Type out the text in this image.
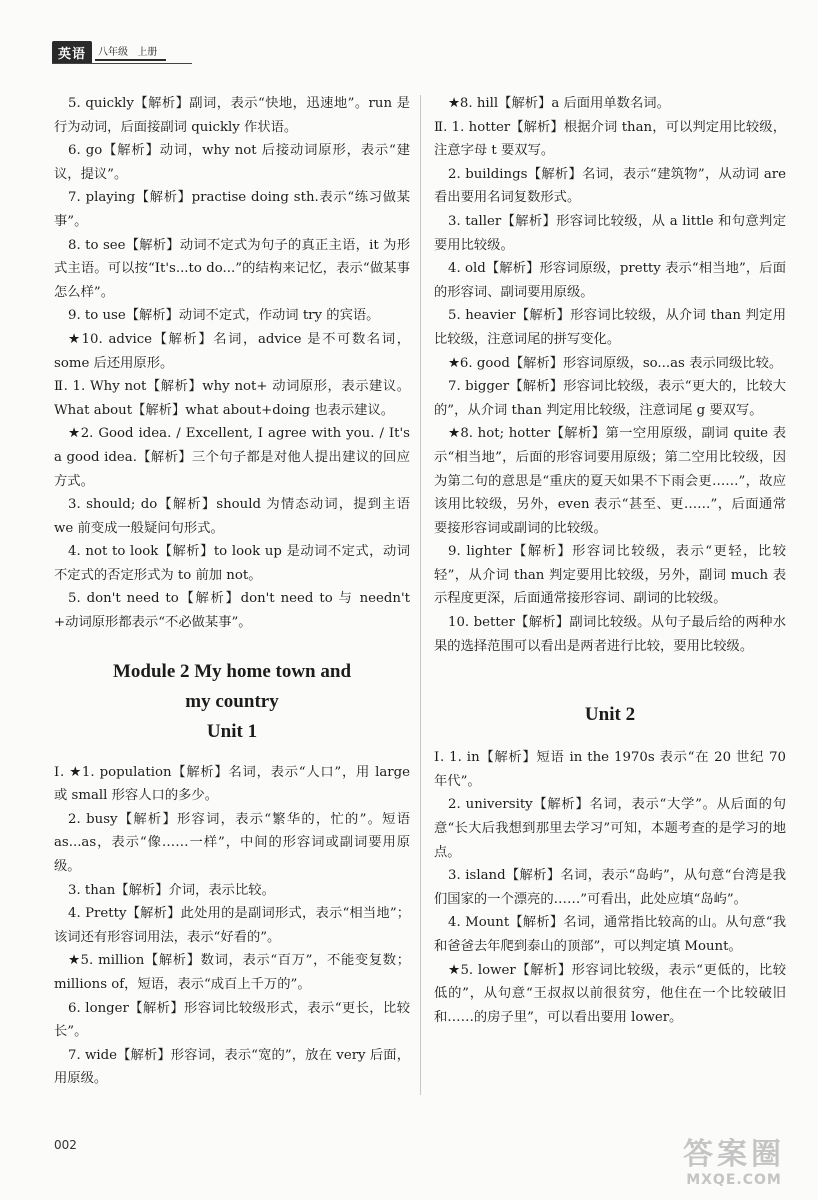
英语	八年级 上册

5. quickly【解析】副词，表示“快地，迅速地”。run 是行为动词，后面接副词 quickly 作状语。

6. go【解析】动词，why not 后接动词原形，表示“建议，提议”。

7. playing【解析】practise doing sth.表示“练习做某事”。

8. to see【解析】动词不定式为句子的真正主语，it 为形式主语。可以按“It's...to do...”的结构来记忆，表示“做某事怎么样”。

9. to use【解析】动词不定式，作动词 try 的宾语。

★10. advice【解析】名词，advice 是不可数名词，some 后还用原形。

Ⅱ. 1. Why not【解析】why not+ 动词原形，表示建议。What about【解析】what about+doing 也表示建议。

★2. Good idea. / Excellent, I agree with you. / It's a good idea.【解析】三个句子都是对他人提出建议的回应方式。

3. should; do【解析】should 为情态动词，提到主语 we 前变成一般疑问句形式。

4. not to look【解析】to look up 是动词不定式，动词不定式的否定形式为 to 前加 not。

5. don't need to【解析】don't need to 与 needn't +动词原形都表示“不必做某事”。

Module 2 My home town and

my country

Unit 1

Ⅰ. ★1. population【解析】名词，表示“人口”，用 large 或 small 形容人口的多少。

2. busy【解析】形容词，表示“繁华的，忙的”。短语 as...as，表示“像……一样”，中间的形容词或副词要用原级。

3. than【解析】介词，表示比较。

4. Pretty【解析】此处用的是副词形式，表示“相当地”；该词还有形容词用法，表示“好看的”。

★5. million【解析】数词，表示“百万”，不能变复数；millions of，短语，表示“成百上千万的”。

6. longer【解析】形容词比较级形式，表示“更长，比较长”。

7. wide【解析】形容词，表示“宽的”，放在 very 后面，用原级。

★8. hill【解析】a 后面用单数名词。

Ⅱ. 1. hotter【解析】根据介词 than，可以判定用比较级，注意字母 t 要双写。

2. buildings【解析】名词，表示“建筑物”，从动词 are 看出要用名词复数形式。

3. taller【解析】形容词比较级，从 a little 和句意判定要用比较级。

4. old【解析】形容词原级，pretty 表示“相当地”，后面的形容词、副词要用原级。

5. heavier【解析】形容词比较级，从介词 than 判定用比较级，注意词尾的拼写变化。

★6. good【解析】形容词原级，so...as 表示同级比较。

7. bigger【解析】形容词比较级，表示“更大的，比较大的”，从介词 than 判定用比较级，注意词尾 g 要双写。

★8. hot; hotter【解析】第一空用原级，副词 quite 表示“相当地”，后面的形容词要用原级；第二空用比较级，因为第二句的意思是“重庆的夏天如果不下雨会更……”，故应该用比较级，另外，even 表示“甚至、更……”，后面通常要接形容词或副词的比较级。

9. lighter【解析】形容词比较级，表示“更轻，比较轻”，从介词 than 判定要用比较级，另外，副词 much 表示程度更深，后面通常接形容词、副词的比较级。

10. better【解析】副词比较级。从句子最后给的两种水果的选择范围可以看出是两者进行比较，要用比较级。

Unit 2

Ⅰ. 1. in【解析】短语 in the 1970s 表示“在 20 世纪 70 年代”。

2. university【解析】名词，表示“大学”。从后面的句意“长大后我想到那里去学习”可知，本题考查的是学习的地点。

3. island【解析】名词，表示“岛屿”，从句意“台湾是我们国家的一个漂亮的……”可看出，此处应填“岛屿”。

4. Mount【解析】名词，通常指比较高的山。从句意“我和爸爸去年爬到泰山的顶部”，可以判定填 Mount。

★5. lower【解析】形容词比较级，表示“更低的，比较低的”，从句意“王叔叔以前很贫穷，他住在一个比较破旧和……的房子里”，可以看出要用 lower。

002	答案圈
MXQE.COM
